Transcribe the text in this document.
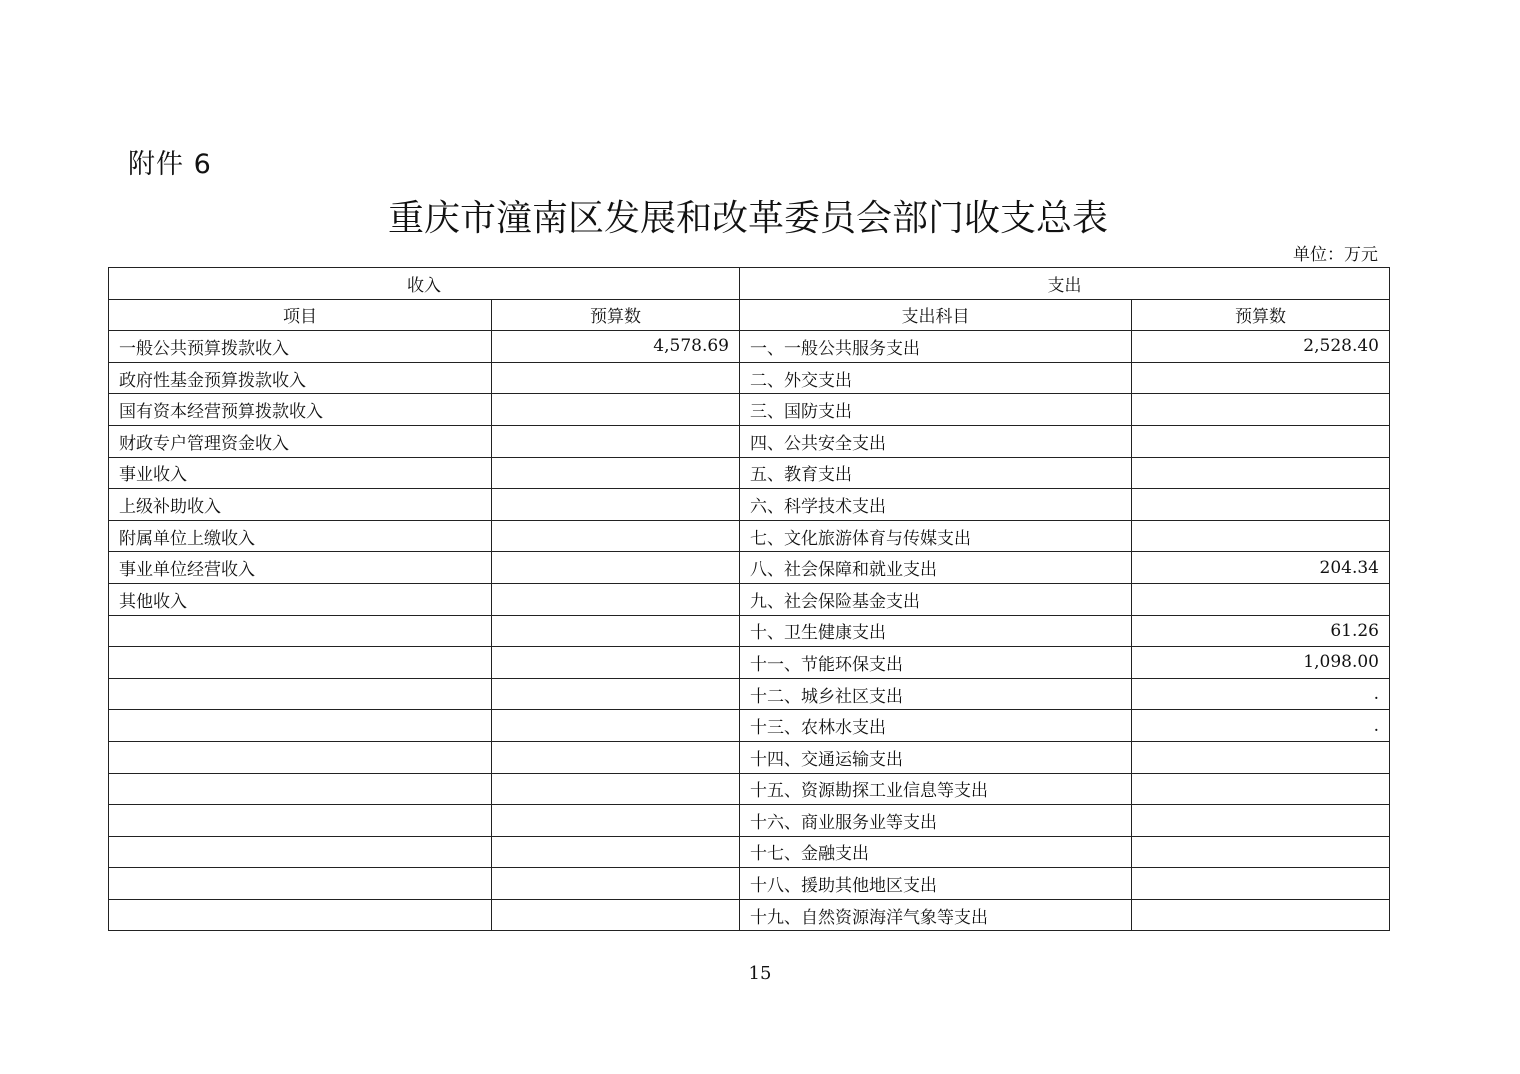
附件 6
重庆市潼南区发展和改革委员会部门收支总表
单位：万元
收入		支出	
项目	预算数	支出科目	预算数
一般公共预算拨款收入	4,578.69	一、一般公共服务支出	2,528.40
政府性基金预算拨款收入		二、外交支出	
国有资本经营预算拨款收入		三、国防支出	
财政专户管理资金收入		四、公共安全支出	
事业收入		五、教育支出	
上级补助收入		六、科学技术支出	
附属单位上缴收入		七、文化旅游体育与传媒支出	
事业单位经营收入		八、社会保障和就业支出	204.34
其他收入		九、社会保险基金支出	
		十、卫生健康支出	61.26
		十一、节能环保支出	1,098.00
		十二、城乡社区支出	.
		十三、农林水支出	.
		十四、交通运输支出	
		十五、资源勘探工业信息等支出	
		十六、商业服务业等支出	
		十七、金融支出	
		十八、援助其他地区支出	
		十九、自然资源海洋气象等支出	
15
